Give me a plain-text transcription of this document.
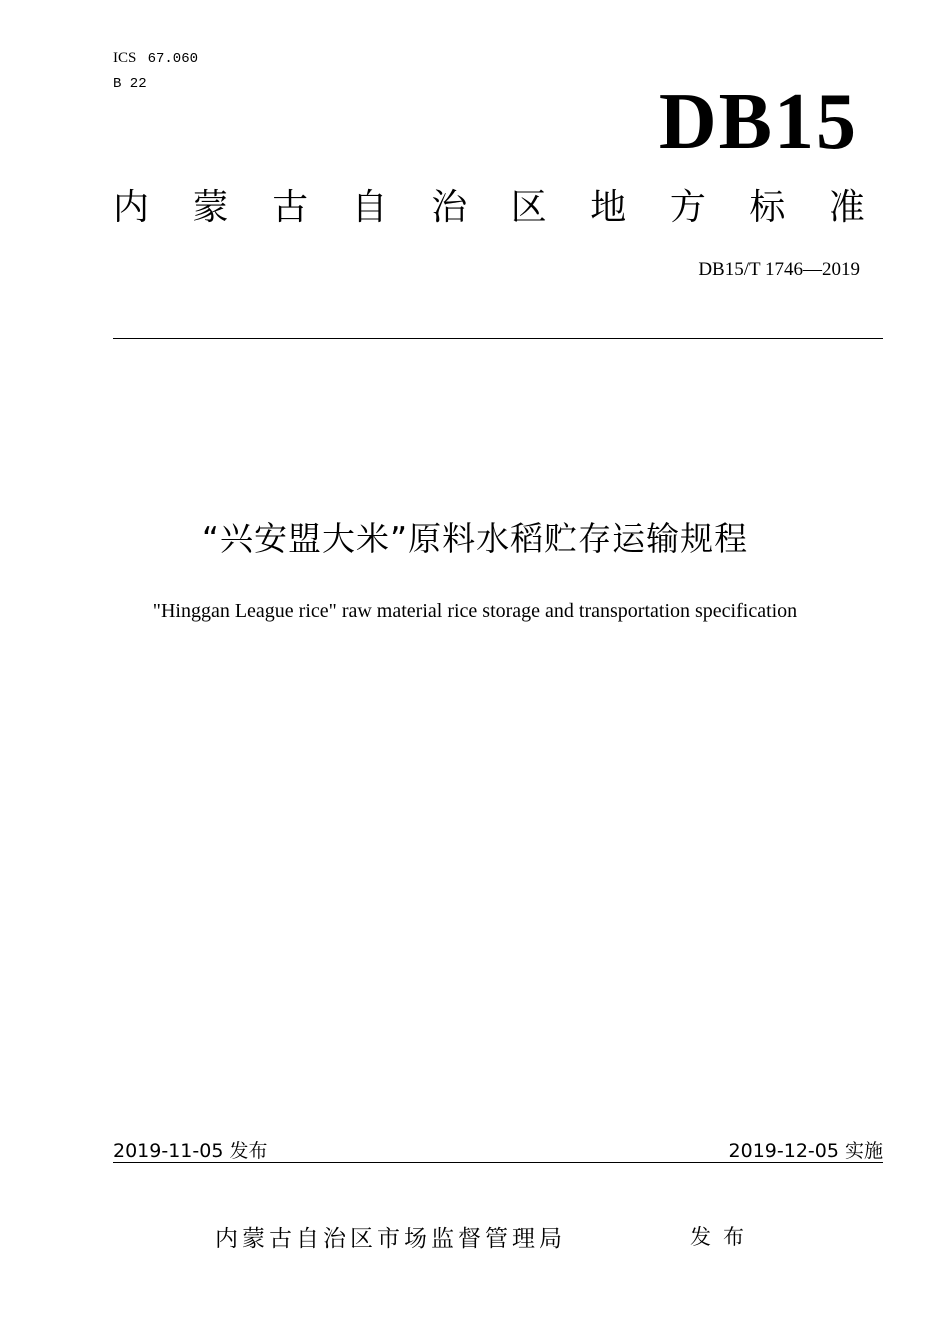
ICS 67.060
B 22	DB15
内 蒙 古 自 治 区 地 方 标 准
DB15/T 1746—2019
“兴安盟大米”原料水稻贮存运输规程
"Hinggan League rice" raw material rice storage and transportation specification
2019-11-05 发布	2019-12-05 实施
内蒙古自治区市场监督管理局	发布
